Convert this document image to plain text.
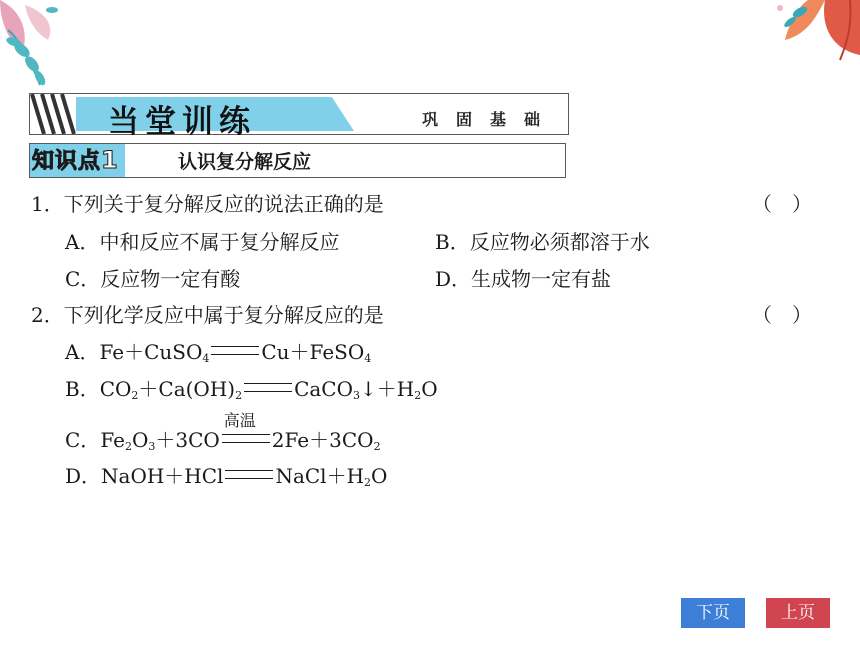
当堂训练	巩固基础
知识点1	认识复分解反应
1．下列关于复分解反应的说法正确的是	（　）
A．中和反应不属于复分解反应	B．反应物必须都溶于水
C．反应物一定有酸	D．生成物一定有盐
2．下列化学反应中属于复分解反应的是	（　）
A．Fe＋CuSO$_4$	Cu＋FeSO$_4$
B．$CO_2+Ca(OH)_2$	$CaCO_3↓+H_2O$
C．$Fe_2O_3+3CO$
高温
$2Fe+3CO_2$
D．NaOH＋HCl	$NaCl+H_2O$
下页	上页
